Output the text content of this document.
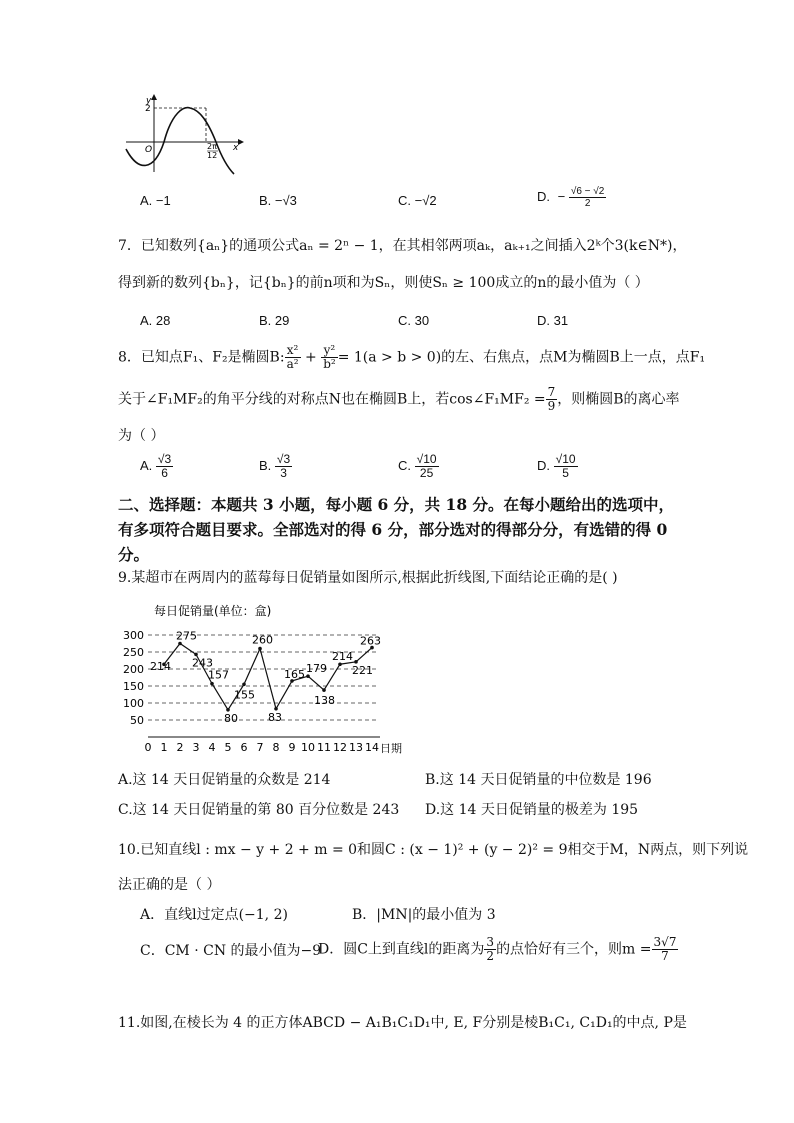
y
x
O
2
2π
12
A. −1	B. −√3	C. −√2	D. − $\frac{√6 - √2}{2}$
7．已知数列{aₙ}的通项公式aₙ = 2ⁿ − 1，在其相邻两项aₖ，aₖ₊₁之间插入2ᵏ个3(k∈N*)，
得到新的数列{bₙ}，记{bₙ}的前n项和为Sₙ，则使Sₙ ≥ 100成立的n的最小值为（ ）
A. 28	B. 29	C. 30	D. 31
8．已知点F₁、F₂是椭圆B: $\frac{\text{x²}}{\text{a²}} + \frac{\text{y²}}{\text{b²}} = 1(a > b > 0)$的左、右焦点，点M为椭圆B上一点，点F₁
关于∠F₁MF₂的角平分线的对称点N也在椭圆B上，若cos∠F₁MF₂ = $\frac{7}{9}$ ，则椭圆B的离心率
为（ ）
A. $\frac{√3}{6}$	B. $\frac{√3}{3}$	C. $\frac{√10}{25}$	D. $\frac{√10}{5}$
二、选择题：本题共 3 小题，每小题 6 分，共 18 分。在每小题给出的选项中，
有多项符合题目要求。全部选对的得 6 分，部分选对的得部分分，有选错的得 0
分。
9.某超市在两周内的蓝莓每日促销量如图所示,根据此折线图,下面结论正确的是( )
每日促销量(单位：盒)
50
100
150
200
250
300
0 1 2 3 4 5 6 7 8 9 10 11 12 13 14 日期
214
275
243
157
80
155
260
83
165 179
138
214
221
263
A.这 14 天日促销量的众数是 214	B.这 14 天日促销量的中位数是 196
C.这 14 天日促销量的第 80 百分位数是 243 D.这 14 天日促销量的极差为 195
10.已知直线l : mx − y + 2 + m = 0和圆C : (x − 1)² + (y − 2)² = 9相交于M，N两点，则下列说
法正确的是（ ）
A．直线l过定点(−1, 2)	B．|MN|的最小值为 3
C．CM · CN 的最小值为−9
D．圆C上到直线l的距离为 $\frac{3}{2}$ 的点恰好有三个，则$m = \frac{3√7}{7}$
11.如图,在棱长为 4 的正方体ABCD − A₁B₁C₁D₁中, E, F分别是棱B₁C₁, C₁D₁的中点, P是
